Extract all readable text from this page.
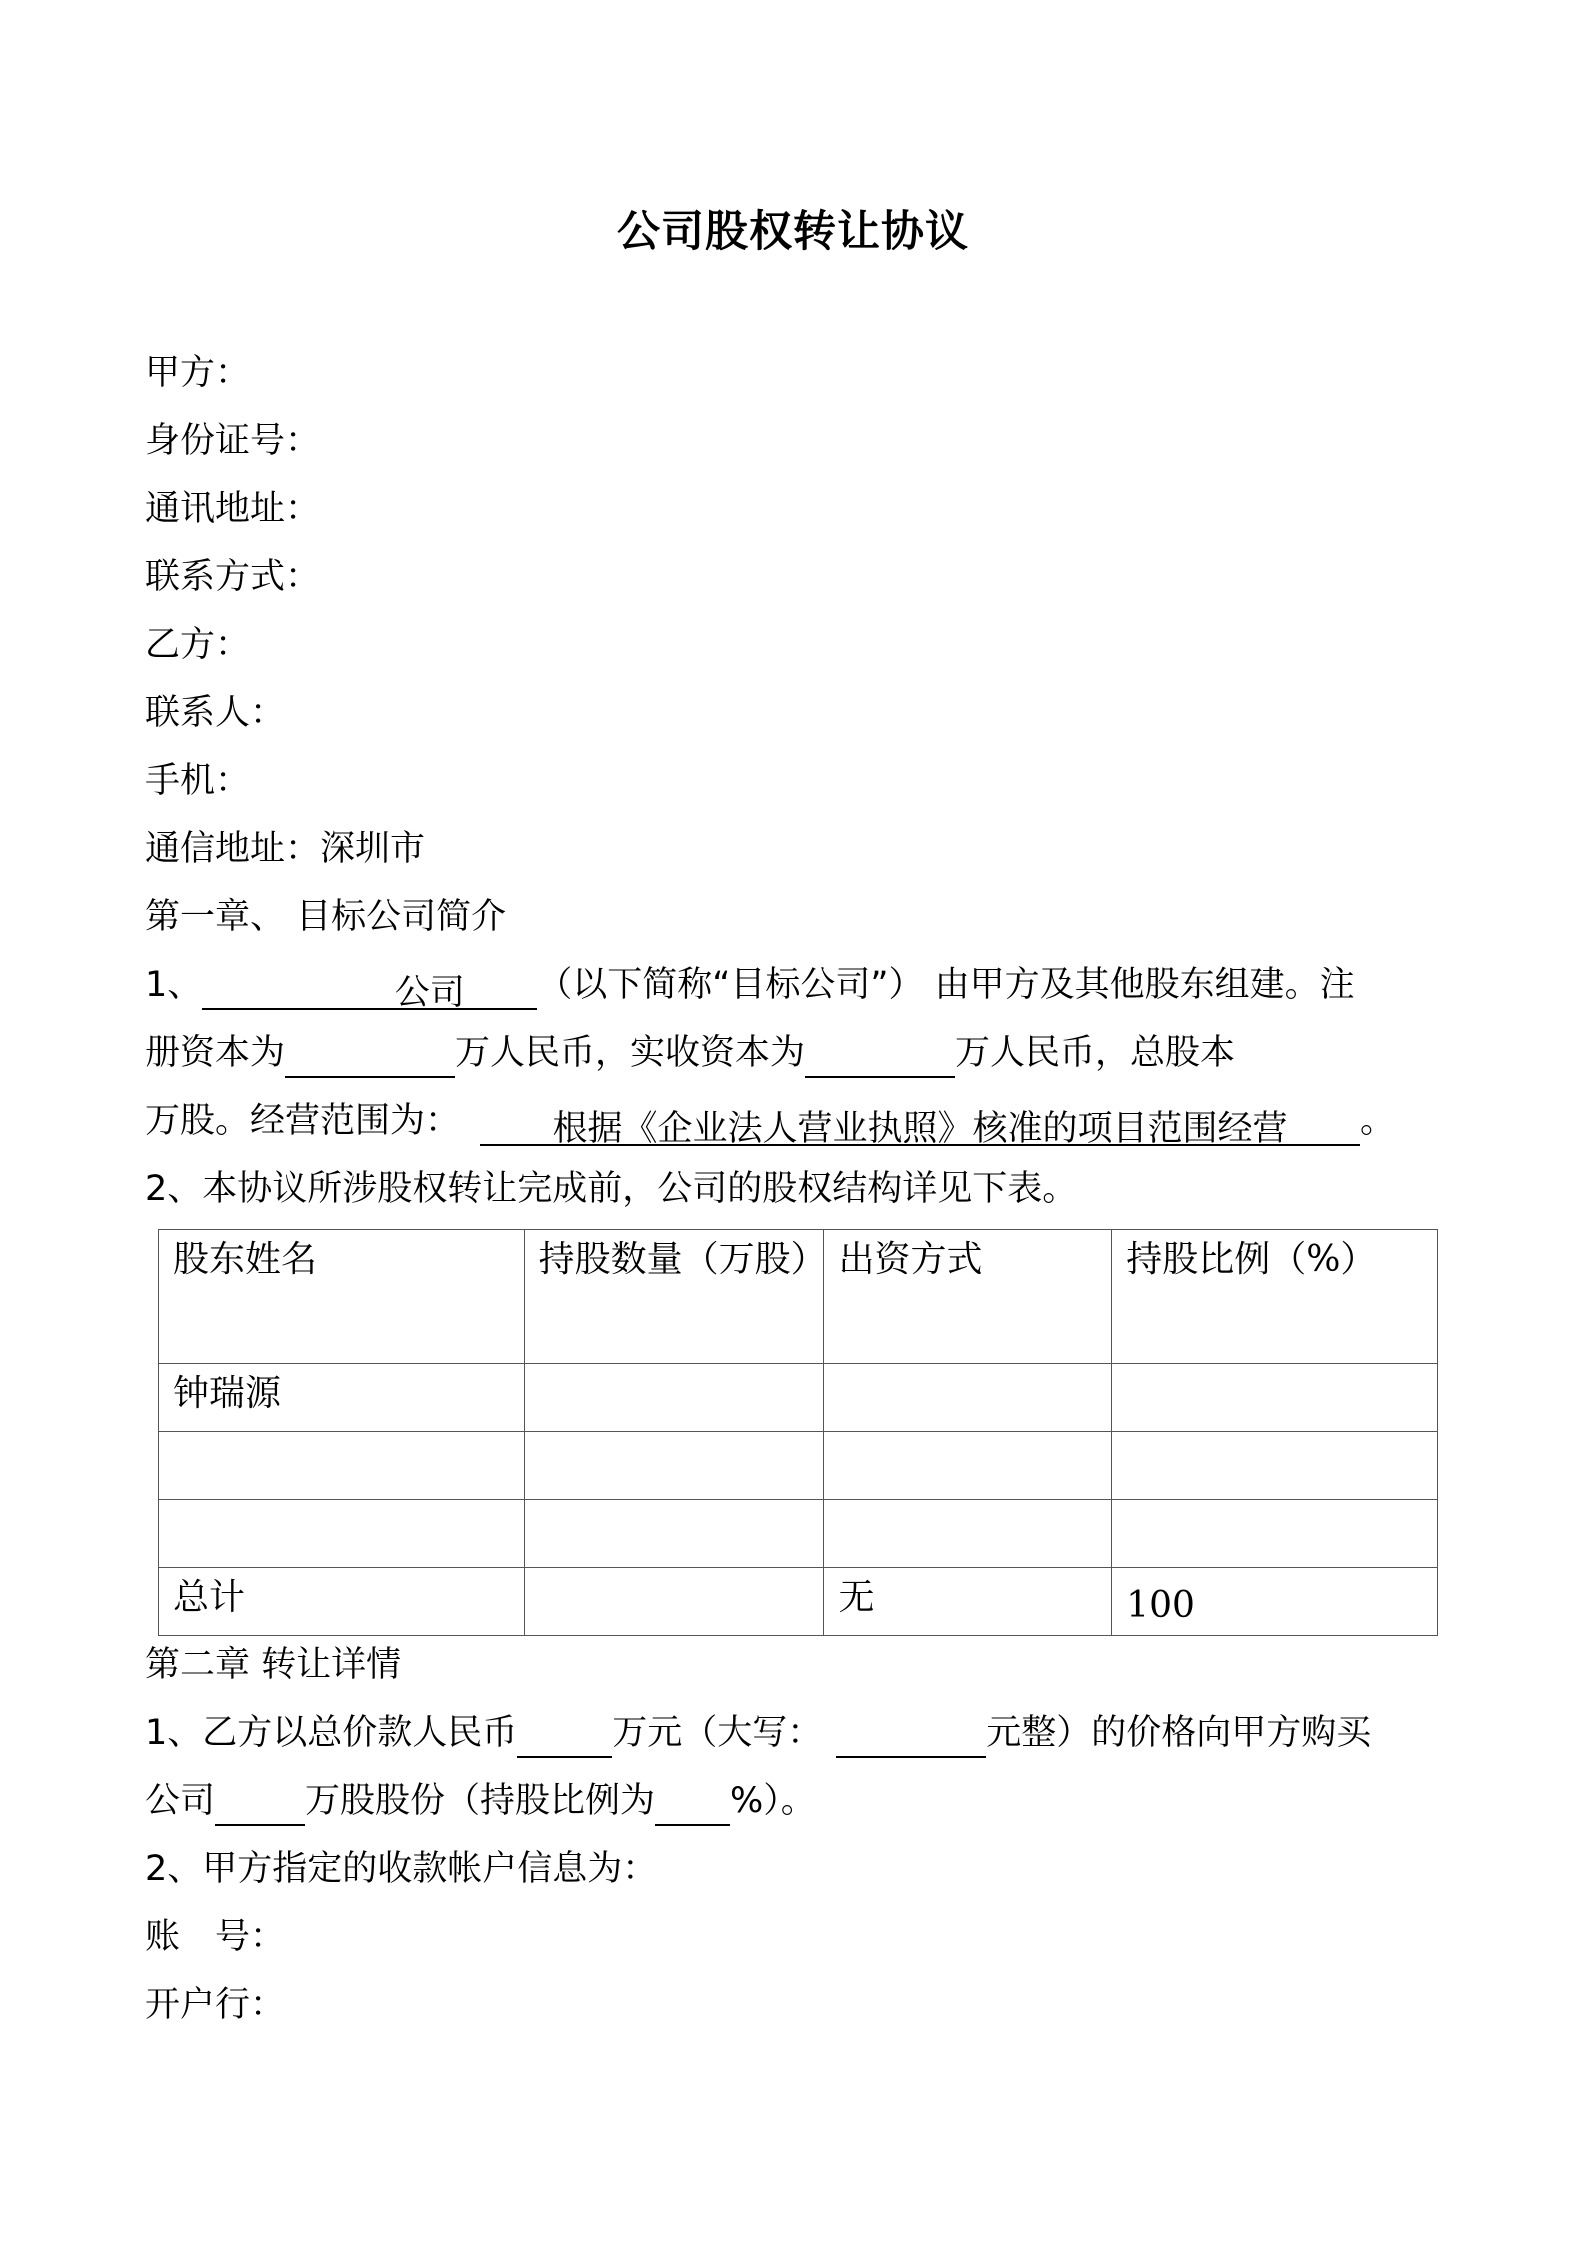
公司股权转让协议
甲方：
身份证号：
通讯地址：
联系方式：
乙方：
联系人：
手机：
通信地址：深圳市
第一章、 目标公司简介
1、	公司 （以下简称“目标公司”） 由甲方及其他股东组建。注
册资本为	万人民币，实收资本为	万人民币，总股本
万股。经营范围为：	根据《企业法人营业执照》核准的项目范围经营 。
2、本协议所涉股权转让完成前，公司的股权结构详见下表。
股东姓名	持股数量（万股）	出资方式	持股比例（%）
钟瑞源			

总计		无	100
第二章 转让详情
1、乙方以总价款人民币	万元（大写：	元整）的价格向甲方购买
公司	万股股份（持股比例为 %）。
2、甲方指定的收款帐户信息为：
账　号：
开户行：
